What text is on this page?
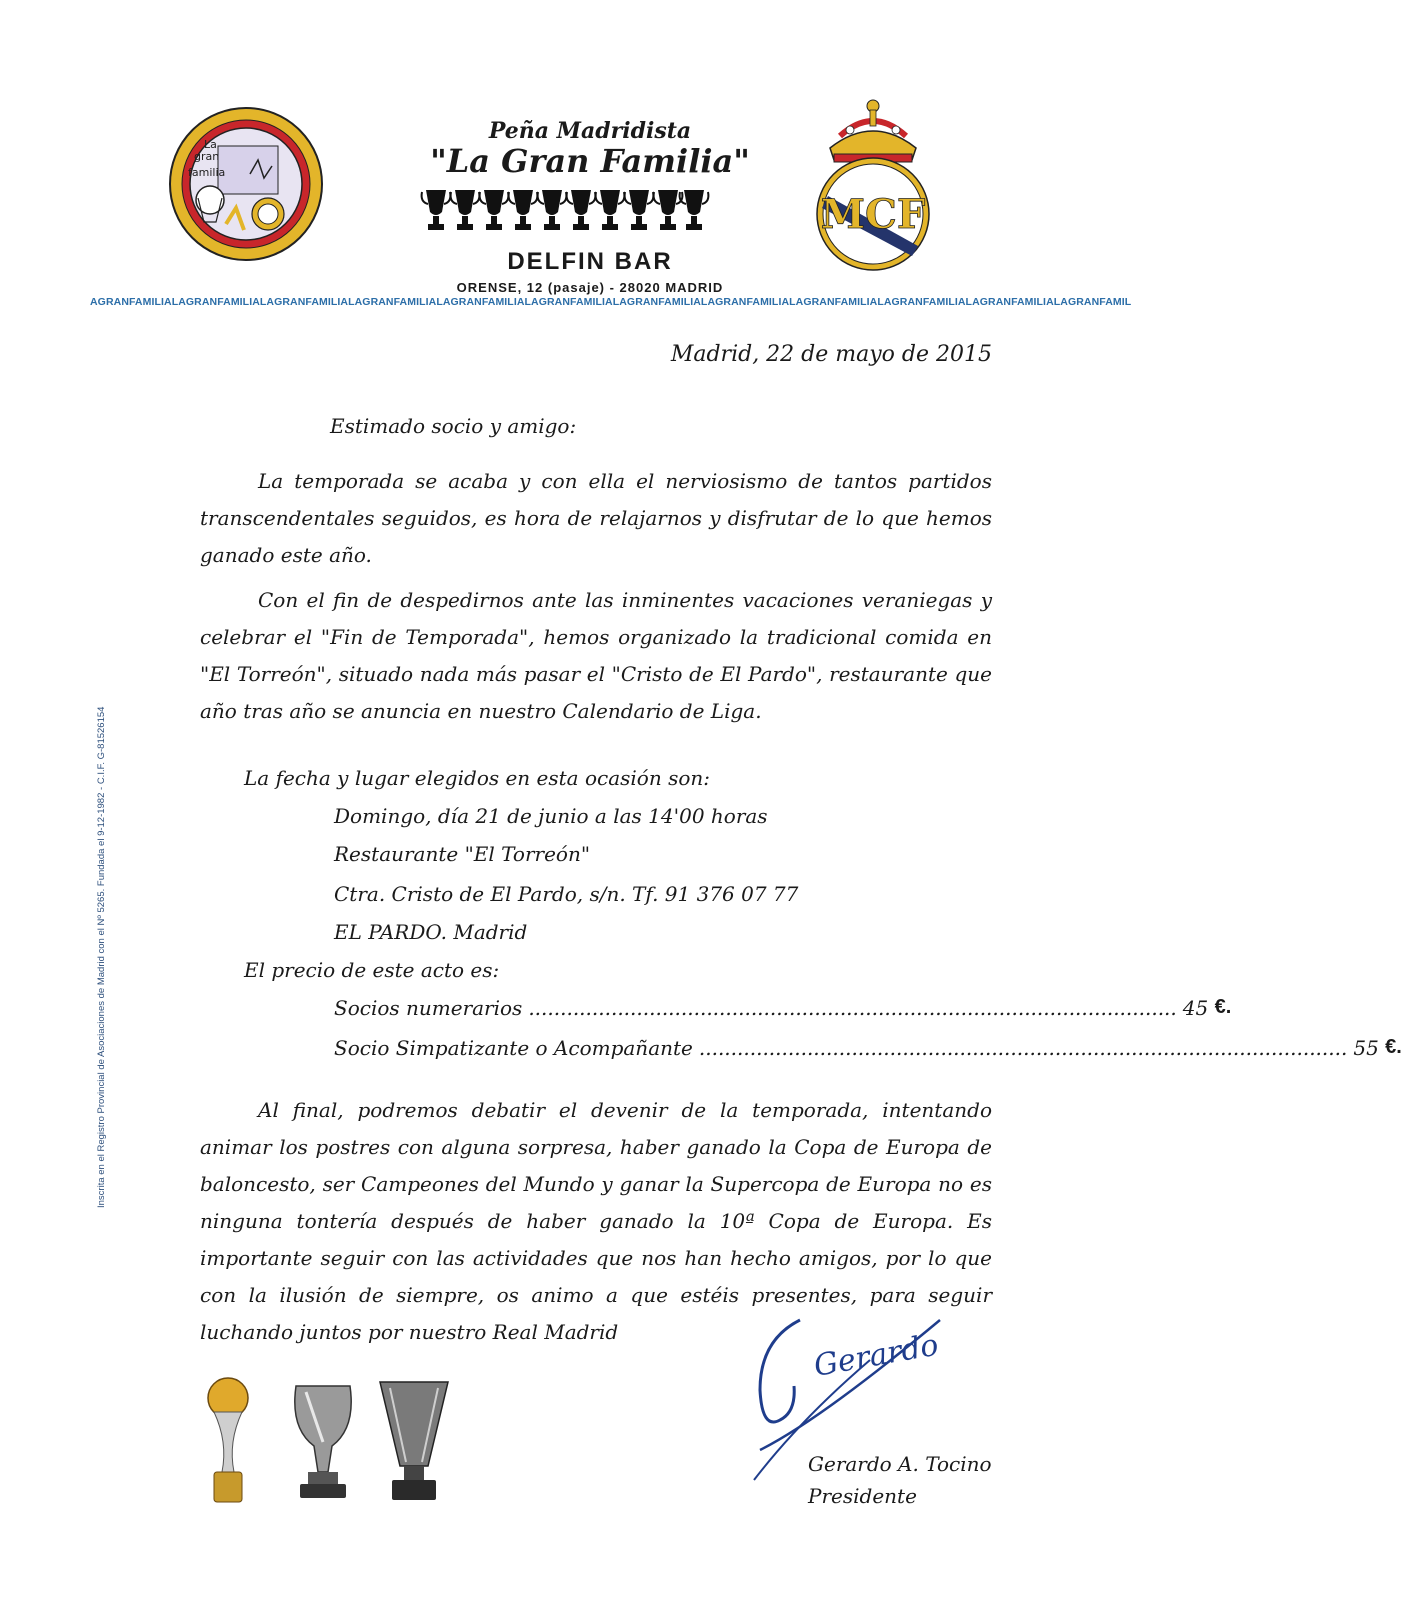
La
gran
familia
Peña Madridista
"La Gran Familia"
DELFIN BAR
ORENSE, 12 (pasaje) - 28020 MADRID
MCF
AGRANFAMILIALAGRANFAMILIALAGRANFAMILIALAGRANFAMILIALAGRANFAMILIALAGRANFAMILIALAGRANFAMILIALAGRANFAMILIALAGRANFAMILIALAGRANFAMILIALAGRANFAMILIALAGRANFAMIL
Inscrita en el Registro Provincial de Asociaciones de Madrid con el Nº 5265. Fundada el 9-12-1982 - C.I.F. G-81526154
Madrid, 22 de mayo de 2015
Estimado socio y amigo:
La temporada se acaba y con ella el nerviosismo de tantos partidos transcendentales seguidos, es hora de relajarnos y disfrutar de lo que hemos ganado este año.
Con el fin de despedirnos ante las inminentes vacaciones veraniegas y celebrar el "Fin de Temporada", hemos organizado la tradicional comida en "El Torreón", situado nada más pasar el "Cristo de El Pardo", restaurante que año tras año se anuncia en nuestro Calendario de Liga.
La fecha y lugar elegidos en esta ocasión son:
Domingo, día 21 de junio a las 14'00 horas
Restaurante "El Torreón"
Ctra. Cristo de El Pardo, s/n. Tf. 91 376 07 77
EL PARDO. Madrid
El precio de este acto es:
Socios numerarios .....	45
€.
Socio Simpatizante o Acompañante .....	55
€.
Al final, podremos debatir el devenir de la temporada, intentando animar los postres con alguna sorpresa, haber ganado la Copa de Europa de baloncesto, ser Campeones del Mundo y ganar la Supercopa de Europa no es ninguna tontería después de haber ganado la 10ª Copa de Europa. Es importante seguir con las actividades que nos han hecho amigos, por lo que con la ilusión de siempre, os animo a que estéis presentes, para seguir luchando juntos por nuestro Real Madrid	Gerardo
Gerardo A. Tocino
Presidente
